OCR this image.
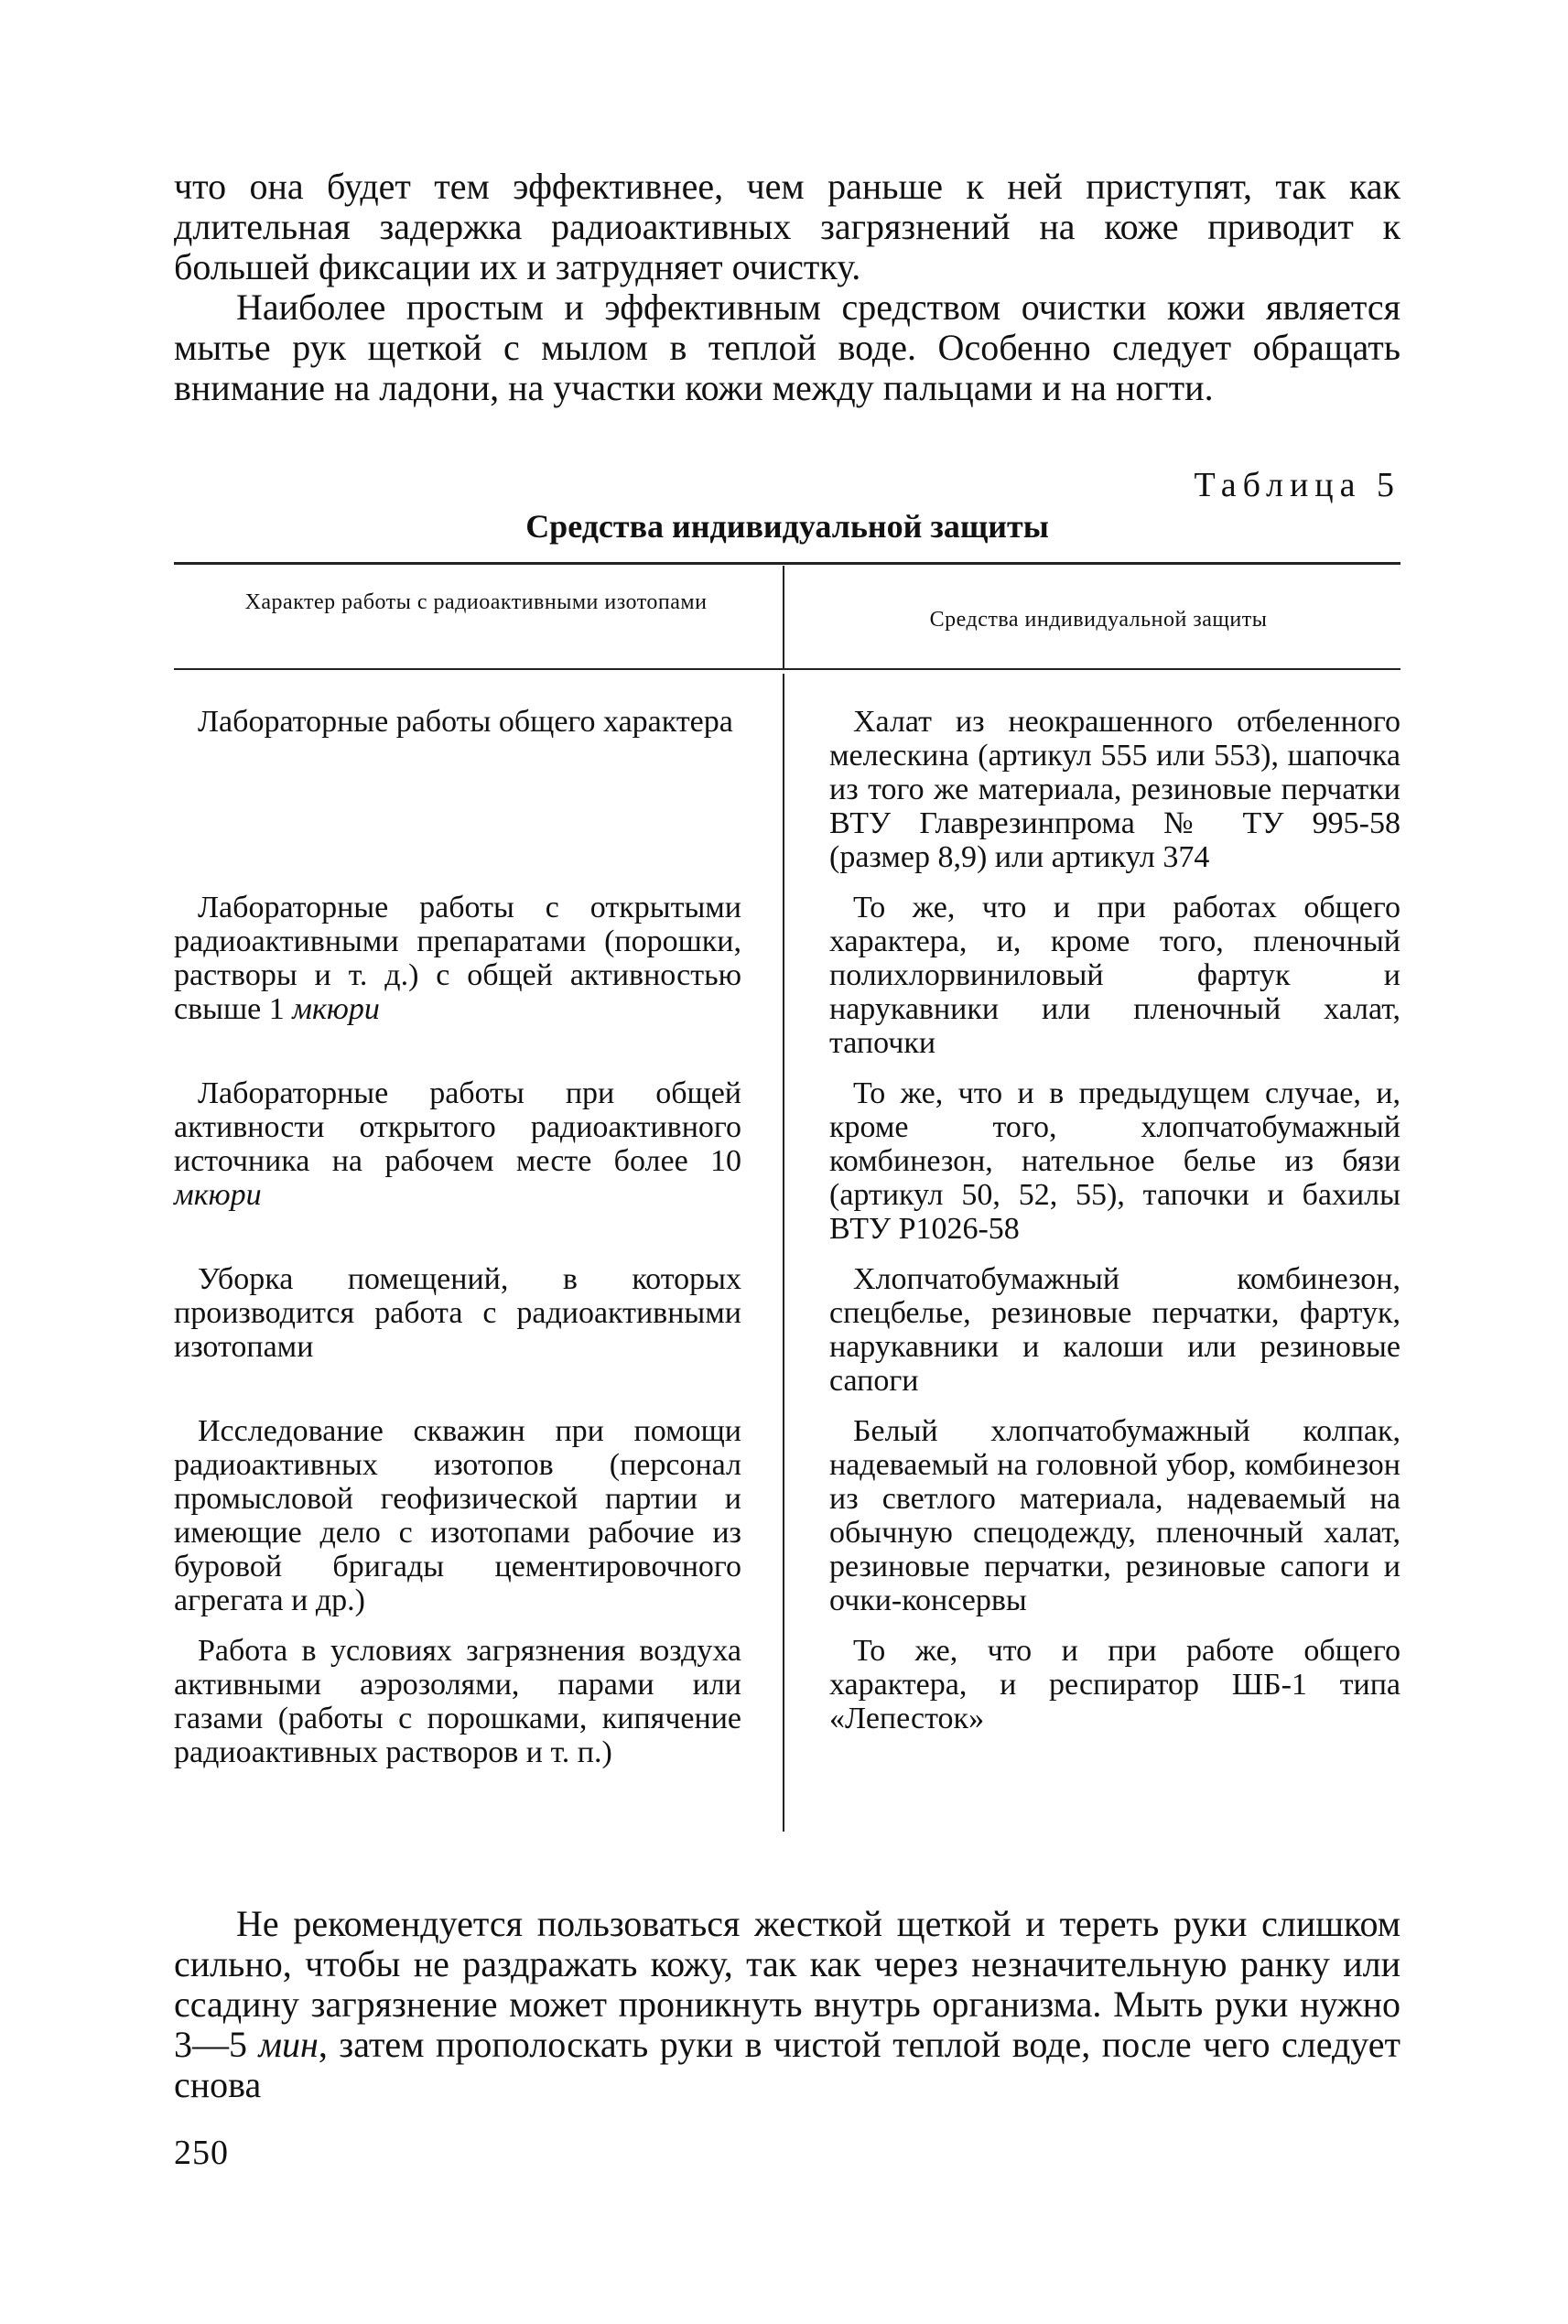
что она будет тем эффективнее, чем раньше к ней приступят, так как длительная задержка радиоактивных загрязнений на коже приводит к большей фиксации их и затрудняет очистку.

Наиболее простым и эффективным средством очистки кожи является мытье рук щеткой с мылом в теплой воде. Особенно следует обращать внимание на ладони, на участки кожи между пальцами и на ногти.

Таблица 5
Средства индивидуальной защиты
Характер работы с радиоактивными изотопами
Средства индивидуальной защиты
Лабораторные работы общего характера	Халат из неокрашенного отбеленного мелескина (артикул 555 или 553), шапочка из того же материала, резиновые перчатки ВТУ Главрезинпрома № ТУ 995-58 (размер 8,9) или артикул 374
Лабораторные работы с открытыми радиоактивными препаратами (порошки, растворы и т. д.) с общей активностью свыше 1 мкюри
То же, что и при работах общего характера, и, кроме того, пленочный полихлорвиниловый фартук и нарукавники или пленочный халат, тапочки
Лабораторные работы при общей активности открытого радиоактивного источника на рабочем месте более 10 мкюри
То же, что и в предыдущем случае, и, кроме того, хлопчатобумажный комбинезон, нательное белье из бязи (артикул 50, 52, 55), тапочки и бахилы ВТУ Р1026-58
Уборка помещений, в которых производится работа с радиоактивными изотопами
Хлопчатобумажный комбинезон, спецбелье, резиновые перчатки, фартук, нарукавники и калоши или резиновые сапоги
Исследование скважин при помощи радиоактивных изотопов (персонал промысловой геофизической партии и имеющие дело с изотопами рабочие из буровой бригады цементировочного агрегата и др.)
Белый хлопчатобумажный колпак, надеваемый на головной убор, комбинезон из светлого материала, надеваемый на обычную спецодежду, пленочный халат, резиновые перчатки, резиновые сапоги и очки-консервы
Работа в условиях загрязнения воздуха активными аэрозолями, парами или газами (работы с порошками, кипячение радиоактивных растворов и т. п.)
То же, что и при работе общего характера, и респиратор ШБ-1 типа «Лепесток»

Не рекомендуется пользоваться жесткой щеткой и тереть руки слишком сильно, чтобы не раздражать кожу, так как через незначительную ранку или ссадину загрязнение может проникнуть внутрь организма. Мыть руки нужно 3—5 мин, затем прополоскать руки в чистой теплой воде, после чего следует снова

250
